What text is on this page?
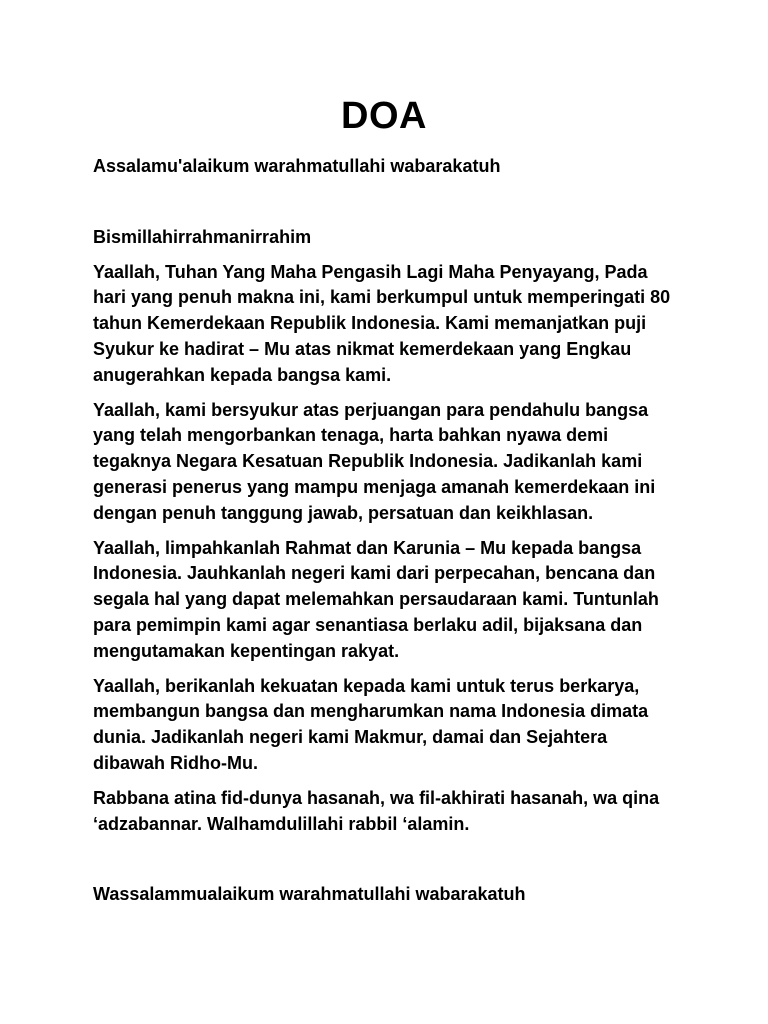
DOA

Assalamu'alaikum warahmatullahi wabarakatuh

Bismillahirrahmanirrahim

Yaallah, Tuhan Yang Maha Pengasih Lagi Maha Penyayang, Pada hari yang penuh makna ini, kami berkumpul untuk memperingati 80 tahun Kemerdekaan Republik Indonesia. Kami memanjatkan puji Syukur ke hadirat – Mu atas nikmat kemerdekaan yang Engkau anugerahkan kepada bangsa kami.

Yaallah, kami bersyukur atas perjuangan para pendahulu bangsa yang telah mengorbankan tenaga, harta bahkan nyawa demi tegaknya Negara Kesatuan Republik Indonesia. Jadikanlah kami generasi penerus yang mampu menjaga amanah kemerdekaan ini dengan penuh tanggung jawab, persatuan dan keikhlasan.

Yaallah, limpahkanlah Rahmat dan Karunia – Mu kepada bangsa Indonesia. Jauhkanlah negeri kami dari perpecahan, bencana dan segala hal yang dapat melemahkan persaudaraan kami. Tuntunlah para pemimpin kami agar senantiasa berlaku adil, bijaksana dan mengutamakan kepentingan rakyat.

Yaallah, berikanlah kekuatan kepada kami untuk terus berkarya, membangun bangsa dan mengharumkan nama Indonesia dimata dunia. Jadikanlah negeri kami Makmur, damai dan Sejahtera dibawah Ridho-Mu.

Rabbana atina fid-dunya hasanah, wa fil-akhirati hasanah, wa qina ‘adzabannar. Walhamdulillahi rabbil ‘alamin.

Wassalammualaikum warahmatullahi wabarakatuh
